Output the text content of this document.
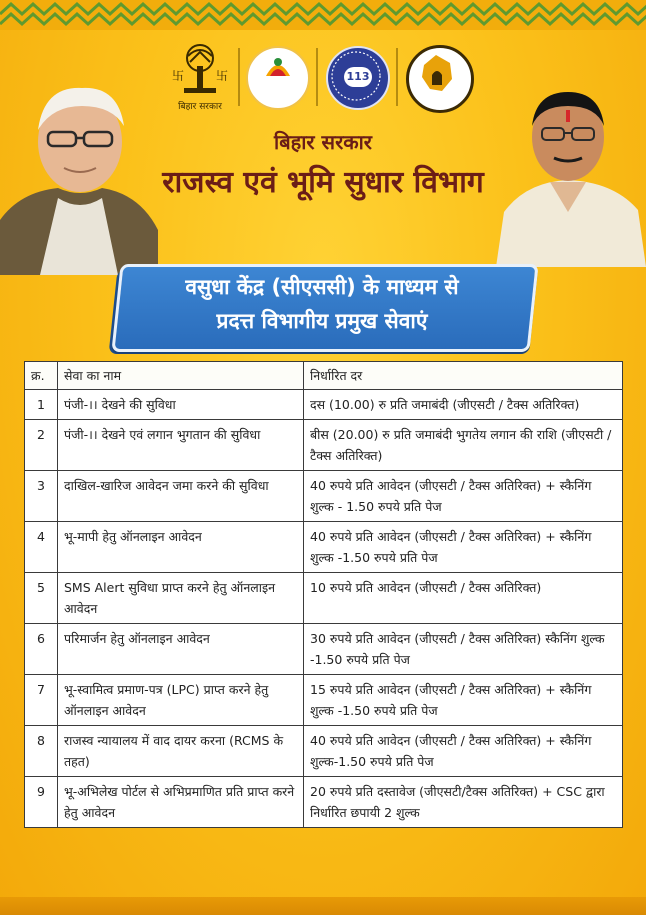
卐	卐
बिहार सरकार
113
बिहार सरकार
राजस्व एवं भूमि सुधार विभाग
वसुधा केंद्र (सीएससी) के माध्यम से
प्रदत्त विभागीय प्रमुख सेवाएं
क्र.	सेवा का नाम	निर्धारित दर
1	पंजी-।। देखने की सुविधा	दस (10.00) रु प्रति जमाबंदी (जीएसटी / टैक्स अतिरिक्त)
2	पंजी-।। देखने एवं लगान भुगतान की सुविधा	बीस (20.00) रु प्रति जमाबंदी भुगतेय लगान की राशि (जीएसटी / टैक्स अतिरिक्त)
3	दाखिल-खारिज आवेदन जमा करने की सुविधा	40 रुपये प्रति आवेदन (जीएसटी / टैक्स अतिरिक्त) + स्कैनिंग शुल्क - 1.50 रुपये प्रति पेज
4	भू-मापी हेतु ऑनलाइन आवेदन	40 रुपये प्रति आवेदन (जीएसटी / टैक्स अतिरिक्त) + स्कैनिंग शुल्क -1.50 रुपये प्रति पेज
5	SMS Alert सुविधा प्राप्त करने हेतु ऑनलाइन आवेदन	10 रुपये प्रति आवेदन (जीएसटी / टैक्स अतिरिक्त)
6	परिमार्जन हेतु ऑनलाइन आवेदन	30 रुपये प्रति आवेदन (जीएसटी / टैक्स अतिरिक्त) स्कैनिंग शुल्क -1.50 रुपये प्रति पेज
7	भू-स्वामित्व प्रमाण-पत्र (LPC) प्राप्त करने हेतु ऑनलाइन आवेदन	15 रुपये प्रति आवेदन (जीएसटी / टैक्स अतिरिक्त) + स्कैनिंग शुल्क -1.50 रुपये प्रति पेज
8	राजस्व न्यायालय में वाद दायर करना (RCMS के तहत)	40 रुपये प्रति आवेदन (जीएसटी / टैक्स अतिरिक्त) + स्कैनिंग शुल्क-1.50 रुपये प्रति पेज
9	भू-अभिलेख पोर्टल से अभिप्रमाणित प्रति प्राप्त करने हेतु आवेदन	20 रुपये प्रति दस्तावेज (जीएसटी/टैक्स अतिरिक्त) + CSC द्वारा निर्धारित छपायी 2 शुल्क
